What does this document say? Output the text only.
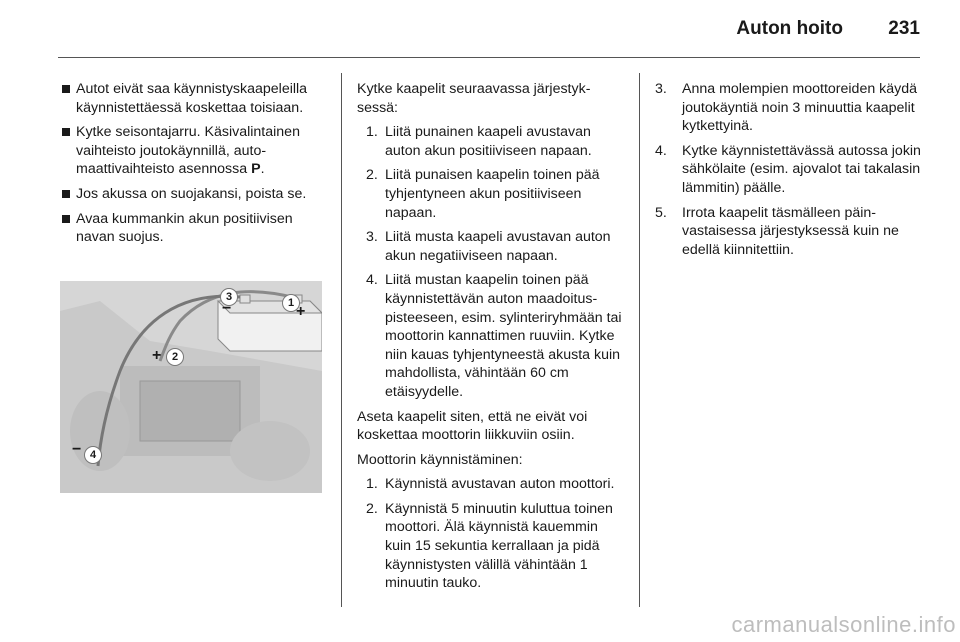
Auton hoito 231
Autot eivät saa käynnistyskaapeleilla käynnistettäessä koskettaa toisiaan.
Kytke seisontajarru. Käsivalintainen vaihteisto joutokäynnillä, automaattivaihteisto asennossa P.
Jos akussa on suojakansi, poista se.
Avaa kummankin akun positiivisen navan suojus.
1 +
2
+
3
−
4
−

Kytke kaapelit seuraavassa järjestyksessä:

1. Liitä punainen kaapeli avustavan auton akun positiiviseen napaan.
2. Liitä punaisen kaapelin toinen pää tyhjentyneen akun positiiviseen napaan.
3. Liitä musta kaapeli avustavan auton akun negatiiviseen napaan.
4. Liitä mustan kaapelin toinen pää käynnistettävän auton maadoituspisteeseen, esim. sylinteriryhmään tai moottorin kannattimen ruuviin. Kytke niin kauas tyhjentyneestä akusta kuin mahdollista, vähintään 60 cm etäisyydelle.

Aseta kaapelit siten, että ne eivät voi koskettaa moottorin liikkuviin osiin.

Moottorin käynnistäminen:

1. Käynnistä avustavan auton moottori.
2. Käynnistä 5 minuutin kuluttua toinen moottori. Älä käynnistä kauemmin kuin 15 sekuntia kerrallaan ja pidä käynnistysten välillä vähintään 1 minuutin tauko.
3. Anna molempien moottoreiden käydä joutokäyntiä noin 3 minuuttia kaapelit kytkettyinä.
4. Kytke käynnistettävässä autossa jokin sähkölaite (esim. ajovalot tai takalasin lämmitin) päälle.
5. Irrota kaapelit täsmälleen päinvastaisessa järjestyksessä kuin ne edellä kiinnitettiin.
carmanualsonline.info
